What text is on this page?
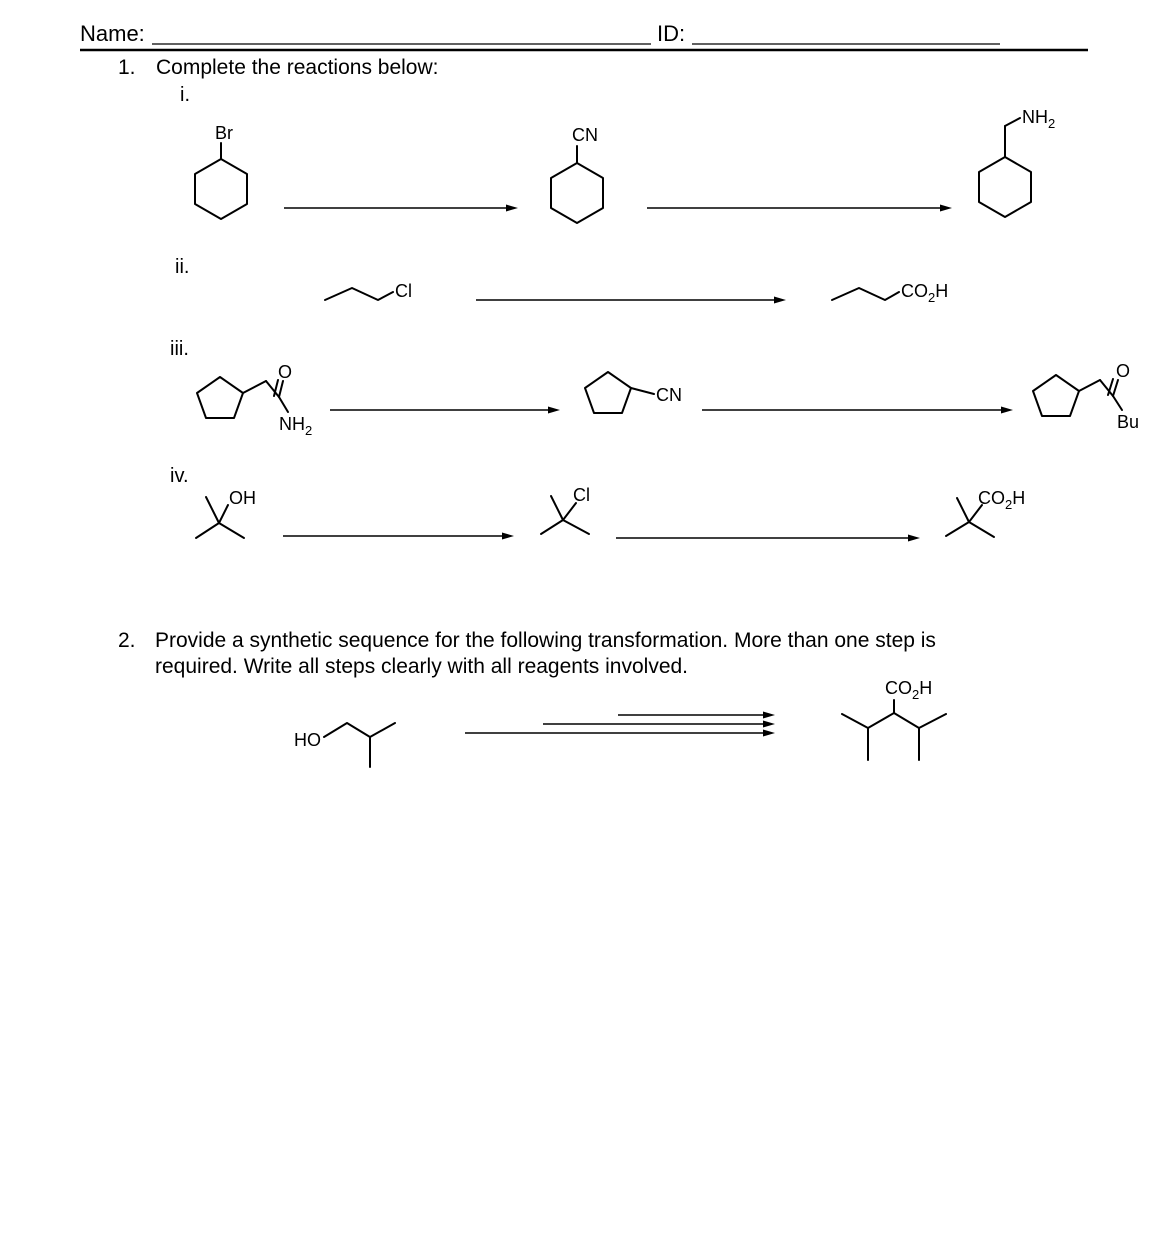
Name:	ID:
1. Complete the reactions below:
i.
Br	CN
$NH_2$
ii.
Cl	$CO_2H$
iii.
O
$NH_2$
CN
O
Bu
iv.
OH	Cl	$CO_2H$
2. Provide a synthetic sequence for the following transformation. More than one step is
required. Write all steps clearly with all reagents involved.
HO
$CO_2H$
